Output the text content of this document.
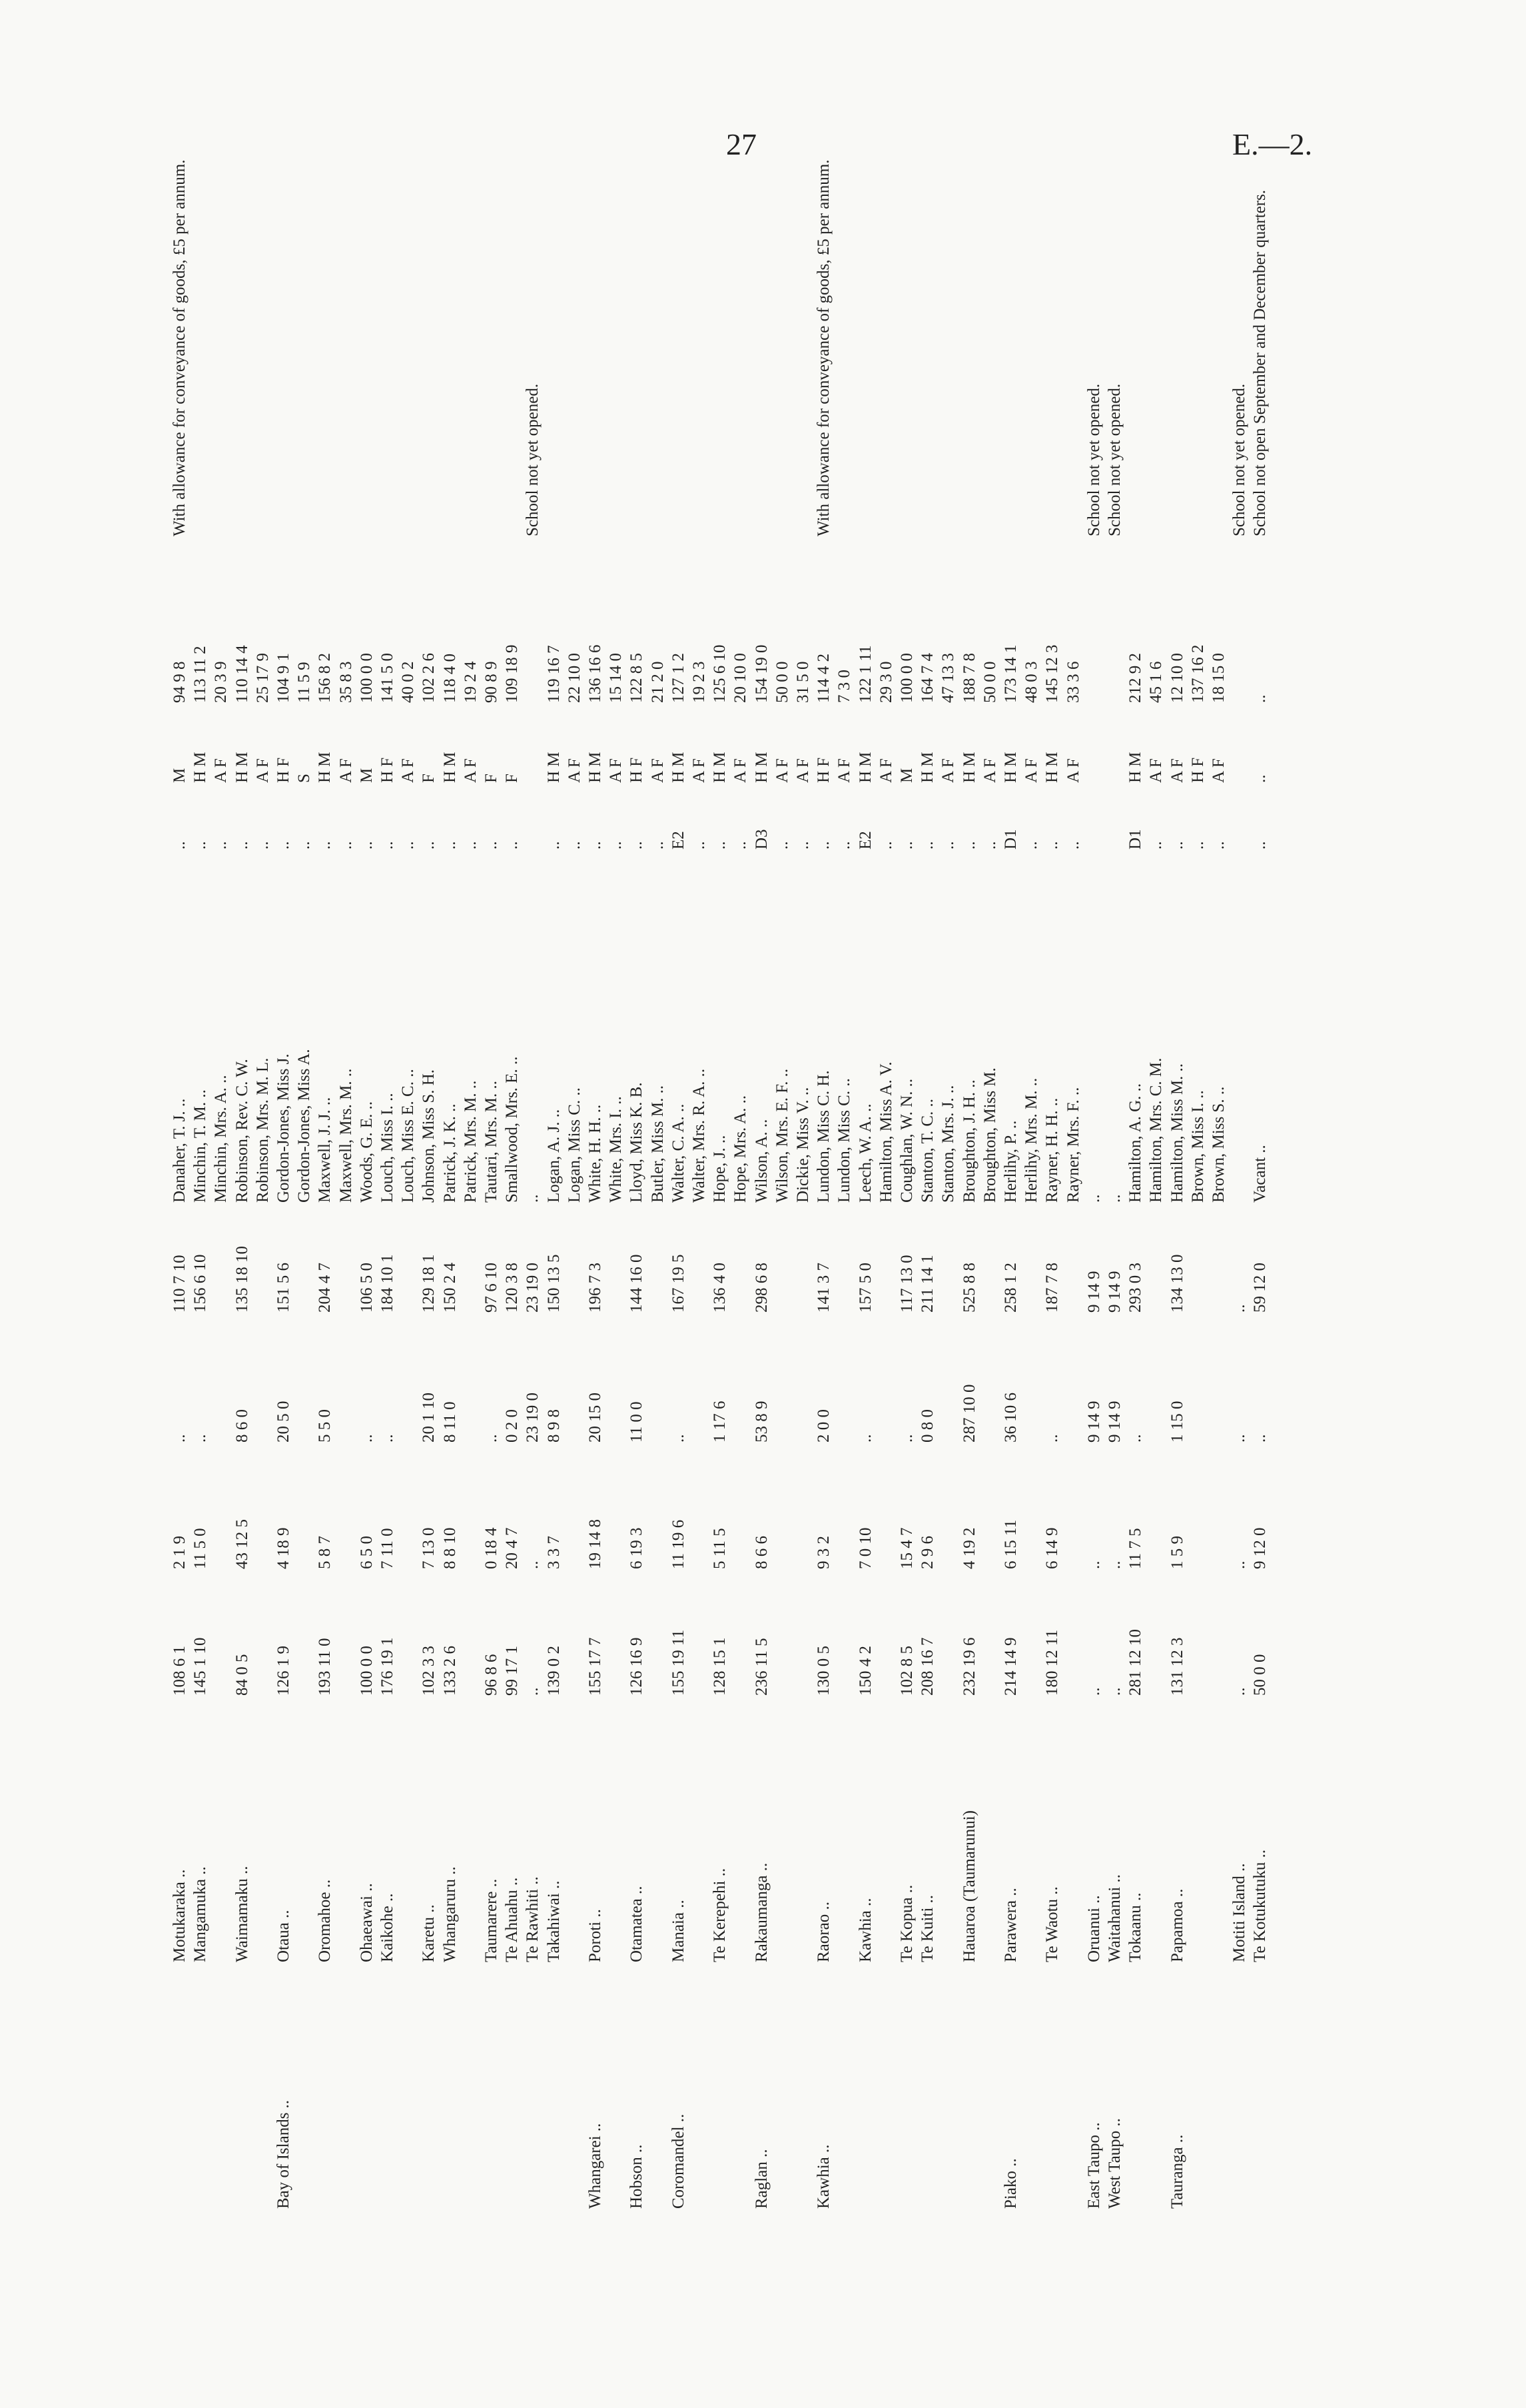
27	E.—2.
Motukaraka ..
108 6 1
2 1 9
..
110 7 10
Danaher, T. J. ..
..
M
94 9 8
With allowance for conveyance of goods, £5 per annum.
Mangamuka ..
145 1 10
11 5 0
..
156 6 10
Minchin, T. M. ..
..
H M
113 11 2
Minchin, Mrs. A. ..
..
A F
20 3 9
Waimamaku ..
84 0 5
43 12 5
8 6 0
135 18 10
Robinson, Rev. C. W.
..
H M
110 14 4
Robinson, Mrs. M. L.
..
A F
25 17 9
Bay of Islands ..
Otaua ..
126 1 9
4 18 9
20 5 0
151 5 6
Gordon-Jones, Miss J.
..
H F
104 9 1
Gordon-Jones, Miss A.
..
S
11 5 9
Oromahoe ..
193 11 0
5 8 7
5 5 0
204 4 7
Maxwell, J. J. ..
..
H M
156 8 2
Maxwell, Mrs. M. ..
..
A F
35 8 3
Ohaeawai ..
100 0 0
6 5 0
..
106 5 0
Woods, G. E. ..
..
M
100 0 0
Kaikohe ..
176 19 1
7 11 0
..
184 10 1
Louch, Miss I. ..
..
H F
141 5 0
Louch, Miss E. C. ..
..
A F
40 0 2
Karetu ..
102 3 3
7 13 0
20 1 10
129 18 1
Johnson, Miss S. H.
..
F
102 2 6
Whangaruru ..
133 2 6
8 8 10
8 11 0
150 2 4
Patrick, J. K. ..
..
H M
118 4 0
Patrick, Mrs. M. ..
..
A F
19 2 4
Taumarere ..
96 8 6
0 18 4
..
97 6 10
Tautari, Mrs. M. ..
..
F
90 8 9
Te Ahuahu ..
99 17 1
20 4 7
0 2 0
120 3 8
Smallwood, Mrs. E. ..
..
F
109 18 9
Te Rawhiti ..
..
..
23 19 0
23 19 0
..
School not yet opened.
Takahiwai ..
139 0 2
3 3 7
8 9 8
150 13 5
Logan, A. J. ..
..
H M
119 16 7
Logan, Miss C. ..
..
A F
22 10 0
Whangarei ..
Poroti ..
155 17 7
19 14 8
20 15 0
196 7 3
White, H. H. ..
..
H M
136 16 6
White, Mrs. I. ..
..
A F
15 14 0
Hobson ..
Otamatea ..
126 16 9
6 19 3
11 0 0
144 16 0
Lloyd, Miss K. B.
..
H F
122 8 5
Butler, Miss M. ..
..
A F
21 2 0
Coromandel ..
Manaia ..
155 19 11
11 19 6
..
167 19 5
Walter, C. A. ..
E2
H M
127 1 2
Walter, Mrs. R. A. ..
..
A F
19 2 3
Te Kerepehi ..
128 15 1
5 11 5
1 17 6
136 4 0
Hope, J. ..
..
H M
125 6 10
Hope, Mrs. A. ..
..
A F
20 10 0
Raglan ..
Rakaumanga ..
236 11 5
8 6 6
53 8 9
298 6 8
Wilson, A. ..
D3
H M
154 19 0
Wilson, Mrs. E. F. ..
..
A F
50 0 0
Dickie, Miss V. ..
..
A F
31 5 0
Kawhia ..
Raorao ..
130 0 5
9 3 2
2 0 0
141 3 7
Lundon, Miss C. H.
..
H F
114 4 2
With allowance for conveyance of goods, £5 per annum.
Lundon, Miss C. ..
..
A F
7 3 0
Kawhia ..
150 4 2
7 0 10
..
157 5 0
Leech, W. A. ..
E2
H M
122 1 11
Hamilton, Miss A. V.
..
A F
29 3 0
Te Kopua ..
102 8 5
15 4 7
..
117 13 0
Coughlan, W. N. ..
..
M
100 0 0
Te Kuiti ..
208 16 7
2 9 6
0 8 0
211 14 1
Stanton, T. C. ..
..
H M
164 7 4
Stanton, Mrs. J. ..
..
A F
47 13 3
Hauaroa (Taumarunui)
232 19 6
4 19 2
287 10 0
525 8 8
Broughton, J. H. ..
..
H M
188 7 8
Broughton, Miss M.
..
A F
50 0 0
Piako ..
Parawera ..
214 14 9
6 15 11
36 10 6
258 1 2
Herlihy, P. ..
D1
H M
173 14 1
Herlihy, Mrs. M. ..
..
A F
48 0 3
Te Waotu ..
180 12 11
6 14 9
..
187 7 8
Rayner, H. H. ..
..
H M
145 12 3
Rayner, Mrs. F. ..
..
A F
33 3 6
East Taupo ..
Oruanui ..
..
..
9 14 9
9 14 9
..
School not yet opened.
West Taupo ..
Waitahanui ..
..
..
9 14 9
9 14 9
..
School not yet opened.
Tokaanu ..
281 12 10
11 7 5
..
293 0 3
Hamilton, A. G. ..
D1
H M
212 9 2
Hamilton, Mrs. C. M.
..
A F
45 1 6
Tauranga ..
Papamoa ..
131 12 3
1 5 9
1 15 0
134 13 0
Hamilton, Miss M. ..
..
A F
12 10 0
Brown, Miss I. ..
..
H F
137 16 2
Brown, Miss S. ..
..
A F
18 15 0
Motiti Island ..
..
..
..
..
School not yet opened.
Te Kotukutuku ..
50 0 0
9 12 0
..
59 12 0
Vacant ..
..
..
..
School not open September and December quarters.
